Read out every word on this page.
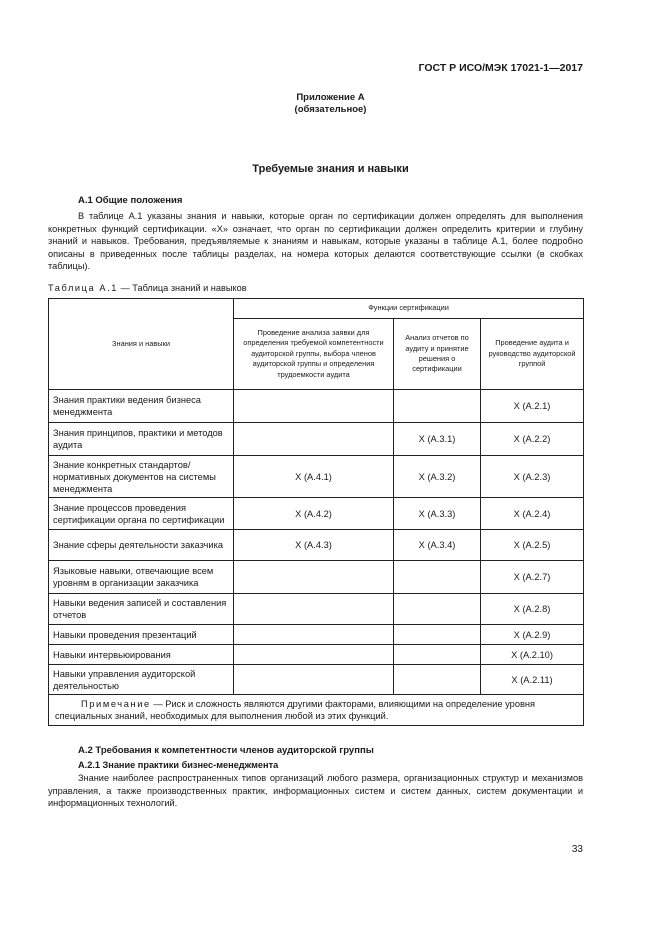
ГОСТ Р ИСО/МЭК 17021-1—2017
Приложение А
(обязательное)
Требуемые знания и навыки
А.1 Общие положения

В таблице А.1 указаны знания и навыки, которые орган по сертификации должен определять для выполнения конкретных функций сертификации. «Х» означает, что орган по сертификации должен определить критерии и глубину знаний и навыков. Требования, предъявляемые к знаниям и навыкам, которые указаны в таблице А.1, более подробно описаны в приведенных после таблицы разделах, на номера которых делаются соответствующие ссылки (в скобках таблицы).

Таблица А.1 — Таблица знаний и навыков
Знания и навыки	Функции сертификации		
	Проведение анализа заявки для определения требуемой компетентности аудиторской группы, выбора членов аудиторской группы и определения трудоемкости аудита	Анализ отчетов по аудиту и принятие решения о сертификации	Проведение аудита и руководство аудиторской группой
Знания практики ведения бизнеса менеджмента			X (A.2.1)
Знания принципов, практики и методов аудита		X (A.3.1)	X (A.2.2)
Знание конкретных стандартов/нормативных документов на системы менеджмента	X (A.4.1)	X (A.3.2)	X (A.2.3)
Знание процессов проведения сертификации органа по сертификации	X (A.4.2)	X (A.3.3)	X (A.2.4)
Знание сферы деятельности заказчика	X (A.4.3)	X (A.3.4)	X (A.2.5)
Языковые навыки, отвечающие всем уровням в организации заказчика			X (A.2.7)
Навыки ведения записей и составления отчетов			X (A.2.8)
Навыки проведения презентаций			X (A.2.9)
Навыки интервьюирования			X (A.2.10)
Навыки управления аудиторской деятельностью			X (A.2.11)
Примечание — Риск и сложность являются другими факторами, влияющими на определение уровня специальных знаний, необходимых для выполнения любой из этих функций.			
А.2 Требования к компетентности членов аудиторской группы
А.2.1 Знание практики бизнес-менеджмента

Знание наиболее распространенных типов организаций любого размера, организационных структур и механизмов управления, а также производственных практик, информационных систем и систем данных, систем документации и информационных технологий.

33
